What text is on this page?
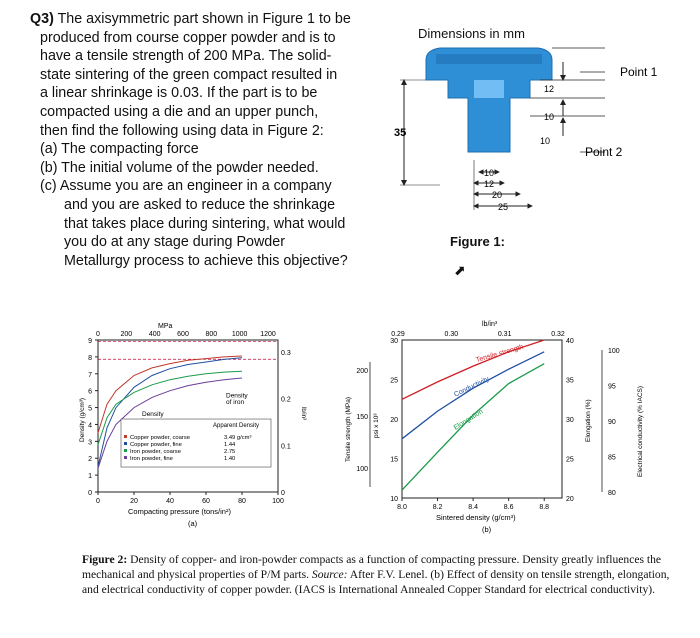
Q3) The axisymmetric part shown in Figure 1 to be

produced from course copper powder and is to

have a tensile strength of 200 MPa. The solid-

state sintering of the green compact resulted in

a linear shrinkage is 0.03. If the part is to be

compacted using a die and an upper punch,

then find the following using data in Figure 2:

(a) The compacting force

(b) The initial volume of the powder needed.

(c) Assume you are an engineer in a company

and you are asked to reduce the shrinkage

that takes place during sintering, what would

you do at any stage during Powder

Metallurgy process to achieve this objective?

Dimensions in mm
35
12
10
10
Point 1
Point 2
10
12
20
25
Figure 1:
⬈
0
1
2
3
4
5
6
7
8
9
0	20	40	60	80	100
0	200 400 600 800 1000 1200
MPa
0
0.1
0.2
0.3
lb/in³
Density (g/cm³)
Compacting pressure (tons/in²)
(a)
Density
of iron
Density
Apparent Density
Copper powder, coarse	3.49 g/cm³
Copper powder, fine	1.44
Iron powder, coarse	2.75
Iron powder, fine	1.40
8.0	8.2	8.4	8.6	8.8
0.29	0.30	0.31	0.32
lb/in³
10
15
20
25
30
psi x 10³
100
150
200
Tensile strength (MPa)
20
25
30
35
40
Elongation (%)
80
85
90
95
100
Electrical conductivity (% IACS)
Sintered density (g/cm³)
(b)
Tensile strength
Conductivity
Elongation
Figure 2: Density of copper- and iron-powder compacts as a function of compacting pressure. Density greatly influences the mechanical and physical properties of P/M parts. Source: After F.V. Lenel. (b) Effect of density on tensile strength, elongation, and electrical conductivity of copper powder. (IACS is International Annealed Copper Standard for electrical conductivity).
